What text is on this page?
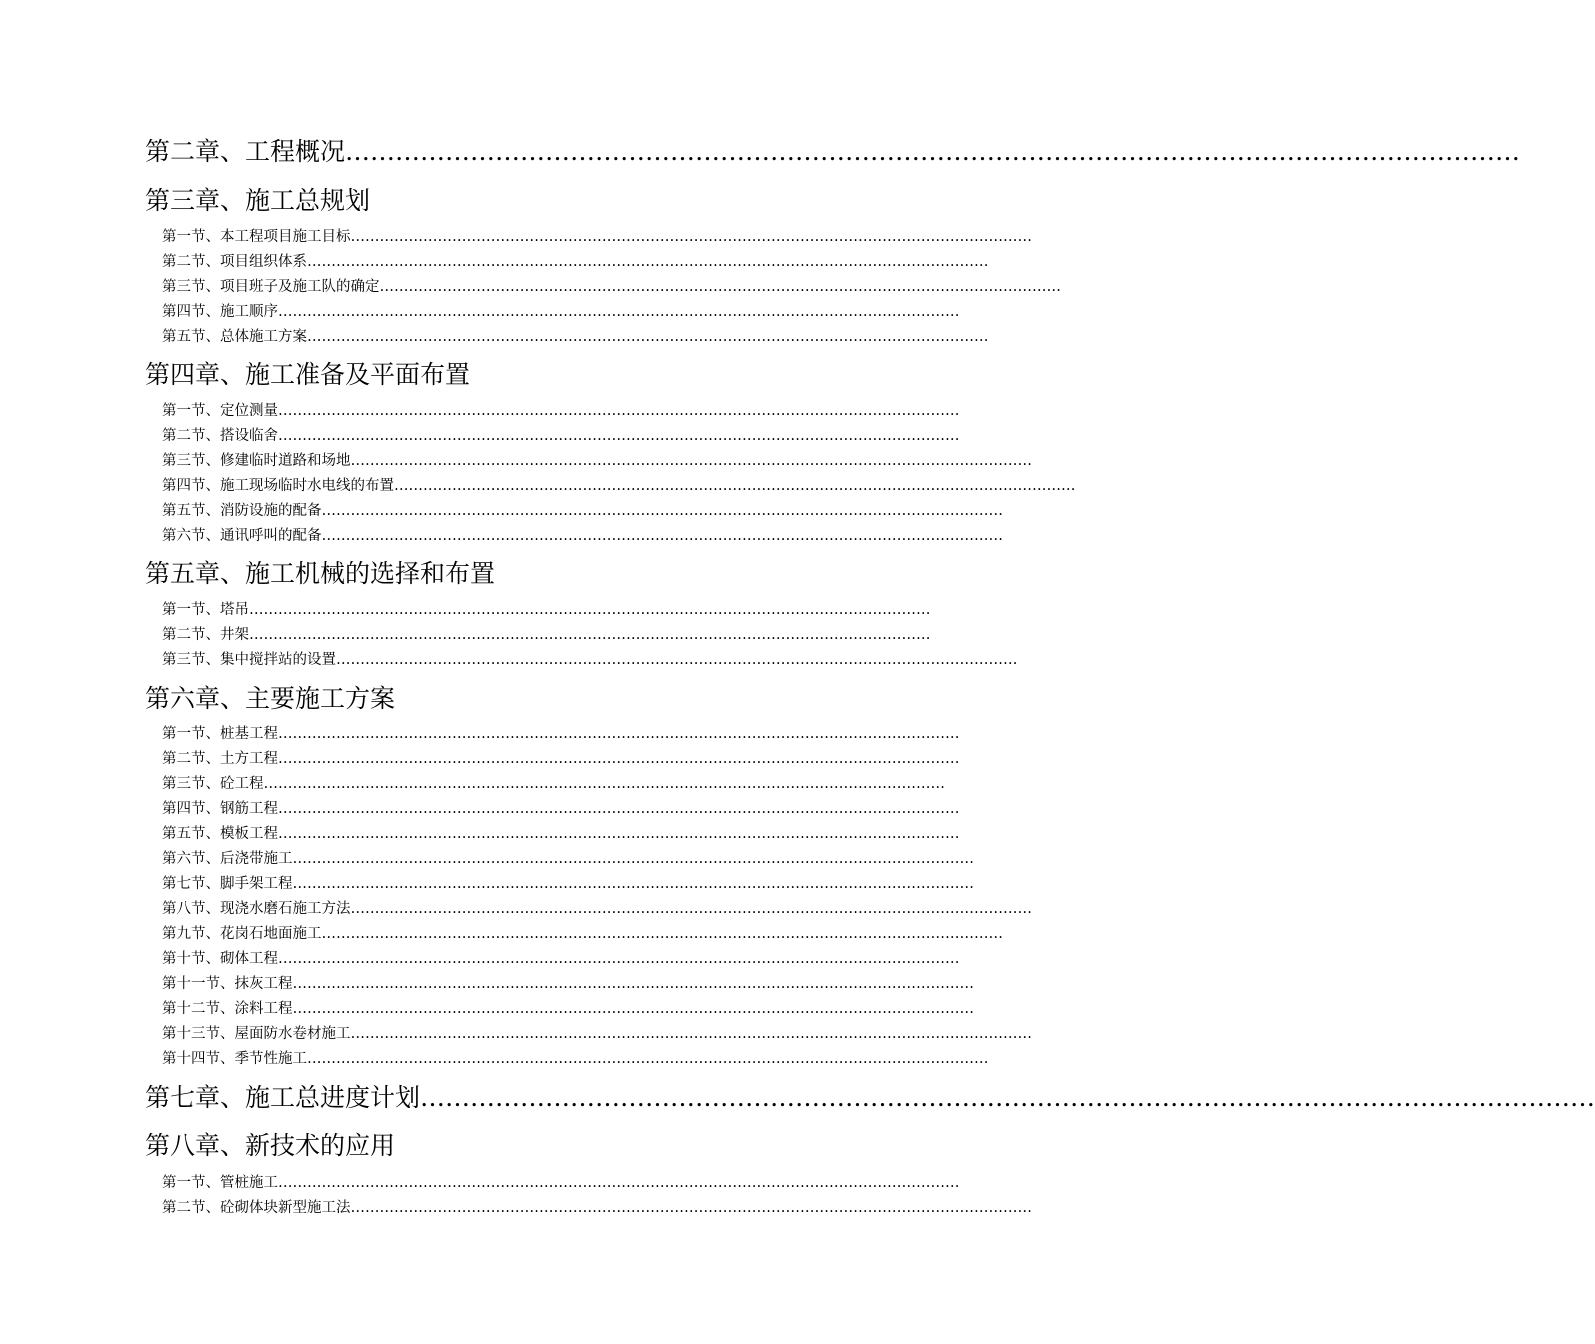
第二章、工程概况……………………………………………………………………………………………………………………………
第三章、施工总规划
第一节、本工程项目施工目标……………………………………………………………………………………………………………………………
第二节、项目组织体系……………………………………………………………………………………………………………………………
第三节、项目班子及施工队的确定……………………………………………………………………………………………………………………………
第四节、施工顺序……………………………………………………………………………………………………………………………
第五节、总体施工方案……………………………………………………………………………………………………………………………
第四章、施工准备及平面布置
第一节、定位测量……………………………………………………………………………………………………………………………
第二节、搭设临舍……………………………………………………………………………………………………………………………
第三节、修建临时道路和场地……………………………………………………………………………………………………………………………
第四节、施工现场临时水电线的布置……………………………………………………………………………………………………………………………
第五节、消防设施的配备……………………………………………………………………………………………………………………………
第六节、通讯呼叫的配备……………………………………………………………………………………………………………………………
第五章、施工机械的选择和布置
第一节、塔吊……………………………………………………………………………………………………………………………
第二节、井架……………………………………………………………………………………………………………………………
第三节、集中搅拌站的设置……………………………………………………………………………………………………………………………
第六章、主要施工方案
第一节、桩基工程……………………………………………………………………………………………………………………………
第二节、土方工程……………………………………………………………………………………………………………………………
第三节、砼工程……………………………………………………………………………………………………………………………
第四节、钢筋工程……………………………………………………………………………………………………………………………
第五节、模板工程……………………………………………………………………………………………………………………………
第六节、后浇带施工……………………………………………………………………………………………………………………………
第七节、脚手架工程……………………………………………………………………………………………………………………………
第八节、现浇水磨石施工方法……………………………………………………………………………………………………………………………
第九节、花岗石地面施工……………………………………………………………………………………………………………………………
第十节、砌体工程……………………………………………………………………………………………………………………………
第十一节、抹灰工程……………………………………………………………………………………………………………………………
第十二节、涂料工程……………………………………………………………………………………………………………………………
第十三节、屋面防水卷材施工……………………………………………………………………………………………………………………………
第十四节、季节性施工……………………………………………………………………………………………………………………………
第七章、施工总进度计划……………………………………………………………………………………………………………………………
第八章、新技术的应用
第一节、管桩施工……………………………………………………………………………………………………………………………
第二节、砼砌体块新型施工法……………………………………………………………………………………………………………………………
